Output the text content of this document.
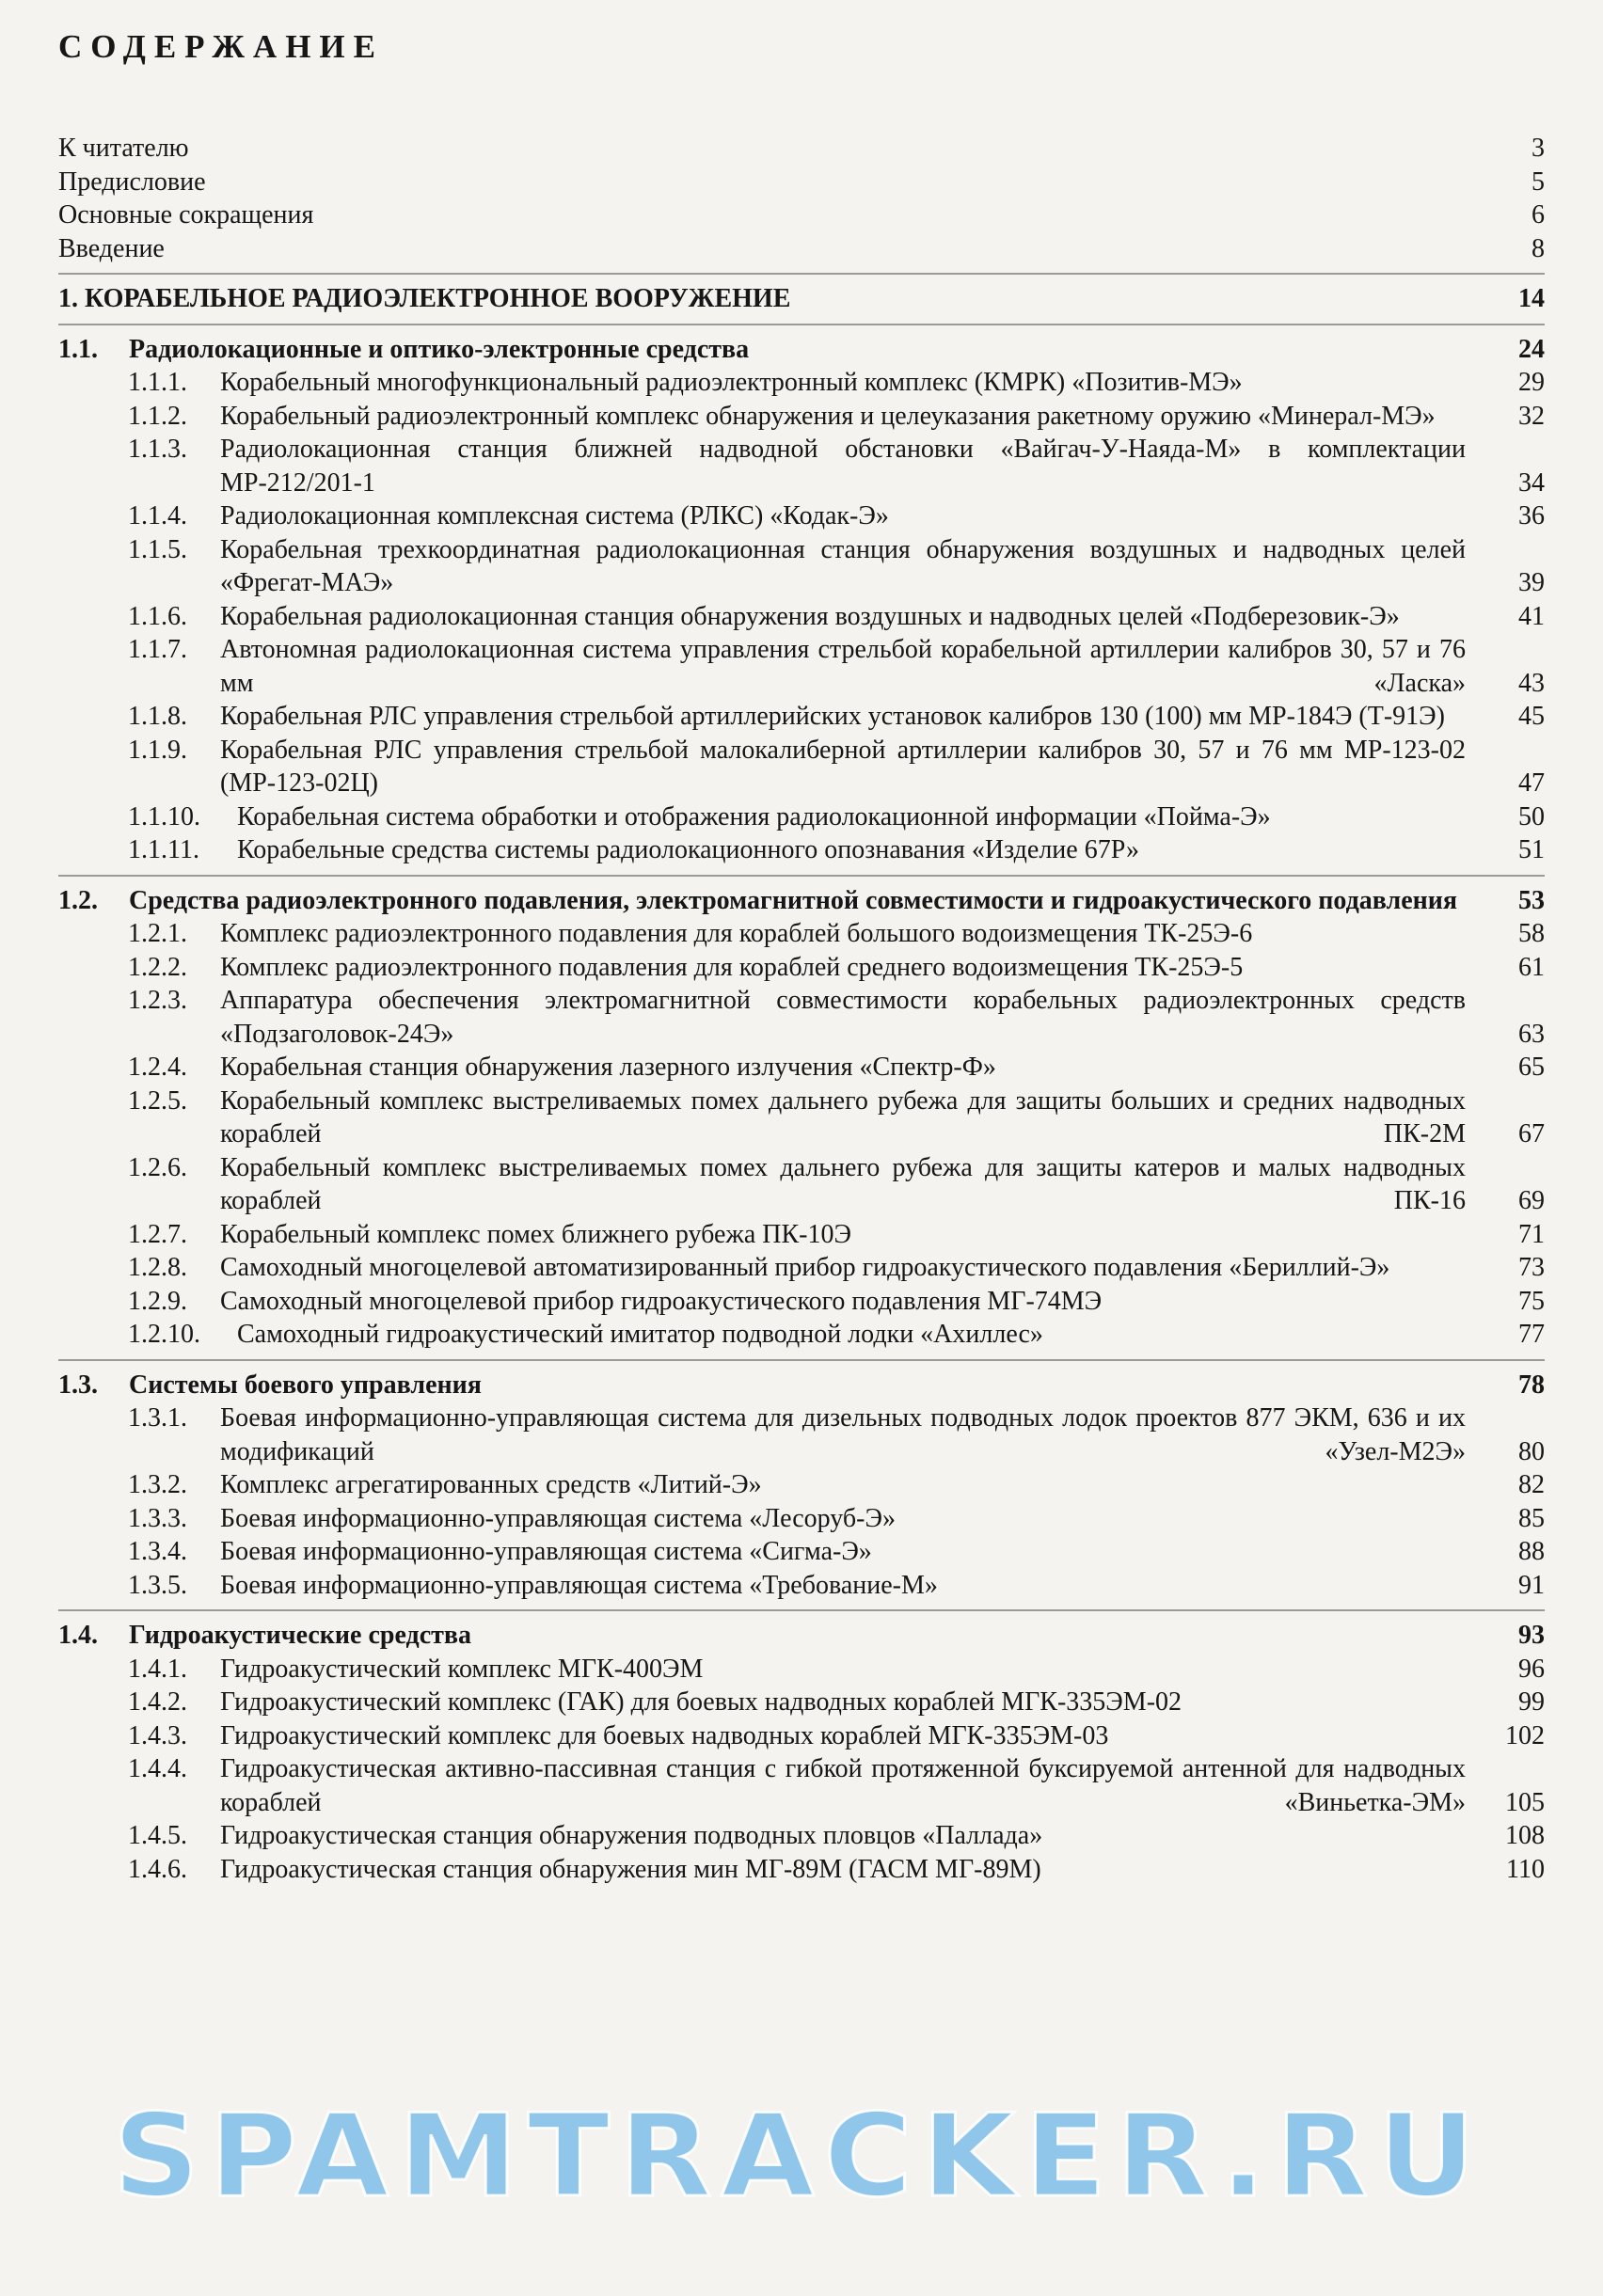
СОДЕРЖАНИЕ
К читателю	3
Предисловие	5
Основные сокращения	6
Введение	8
1. КОРАБЕЛЬНОЕ РАДИОЭЛЕКТРОННОЕ ВООРУЖЕНИЕ	14
1.1. Радиолокационные и оптико-электронные средства	24
1.1.1. Корабельный многофункциональный радиоэлектронный комплекс (КМРК) «Позитив-МЭ»	29
1.1.2. Корабельный радиоэлектронный комплекс обнаружения и целеуказания ракетному оружию «Минерал-МЭ»	32
1.1.3. Радиолокационная станция ближней надводной обстановки «Вайгач-У-Наяда-М» в комплектации МР-212/201-1	34
1.1.4. Радиолокационная комплексная система (РЛКС) «Кодак-Э»	36
1.1.5. Корабельная трехкоординатная радиолокационная станция обнаружения воздушных и надводных целей «Фрегат-МАЭ»	39
1.1.6. Корабельная радиолокационная станция обнаружения воздушных и надводных целей «Подберезовик-Э»	41
1.1.7. Автономная радиолокационная система управления стрельбой корабельной артиллерии калибров 30, 57 и 76 мм «Ласка»	43
1.1.8. Корабельная РЛС управления стрельбой артиллерийских установок калибров 130 (100) мм МР-184Э (Т-91Э)	45
1.1.9. Корабельная РЛС управления стрельбой малокалиберной артиллерии калибров 30, 57 и 76 мм МР-123-02 (МР-123-02Ц)	47
1.1.10. Корабельная система обработки и отображения радиолокационной информации «Пойма-Э»	50
1.1.11. Корабельные средства системы радиолокационного опознавания «Изделие 67Р»	51
1.2. Средства радиоэлектронного подавления, электромагнитной совместимости и гидроакустического подавления	53
1.2.1. Комплекс радиоэлектронного подавления для кораблей большого водоизмещения ТК-25Э-6	58
1.2.2. Комплекс радиоэлектронного подавления для кораблей среднего водоизмещения ТК-25Э-5	61
1.2.3. Аппаратура обеспечения электромагнитной совместимости корабельных радиоэлектронных средств «Подзаголовок-24Э»	63
1.2.4. Корабельная станция обнаружения лазерного излучения «Спектр-Ф»	65
1.2.5. Корабельный комплекс выстреливаемых помех дальнего рубежа для защиты больших и средних надводных кораблей ПК-2М	67
1.2.6. Корабельный комплекс выстреливаемых помех дальнего рубежа для защиты катеров и малых надводных кораблей ПК-16	69
1.2.7. Корабельный комплекс помех ближнего рубежа ПК-10Э	71
1.2.8. Самоходный многоцелевой автоматизированный прибор гидроакустического подавления «Бериллий-Э»	73
1.2.9. Самоходный многоцелевой прибор гидроакустического подавления МГ-74МЭ	75
1.2.10. Самоходный гидроакустический имитатор подводной лодки «Ахиллес»	77
1.3. Системы боевого управления	78
1.3.1. Боевая информационно-управляющая система для дизельных подводных лодок проектов 877 ЭКМ, 636 и их модификаций «Узел-М2Э»	80
1.3.2. Комплекс агрегатированных средств «Литий-Э»	82
1.3.3. Боевая информационно-управляющая система «Лесоруб-Э»	85
1.3.4. Боевая информационно-управляющая система «Сигма-Э»	88
1.3.5. Боевая информационно-управляющая система «Требование-М»	91
1.4. Гидроакустические средства	93
1.4.1. Гидроакустический комплекс МГК-400ЭМ	96
1.4.2. Гидроакустический комплекс (ГАК) для боевых надводных кораблей МГК-335ЭМ-02	99
1.4.3. Гидроакустический комплекс для боевых надводных кораблей МГК-335ЭМ-03	102
1.4.4. Гидроакустическая активно-пассивная станция с гибкой протяженной буксируемой антенной для надводных кораблей «Виньетка-ЭМ»	105
1.4.5. Гидроакустическая станция обнаружения подводных пловцов «Паллада»	108
1.4.6. Гидроакустическая станция обнаружения мин МГ-89М (ГАСМ МГ-89М)	110
SPAMTRACKER.RU
